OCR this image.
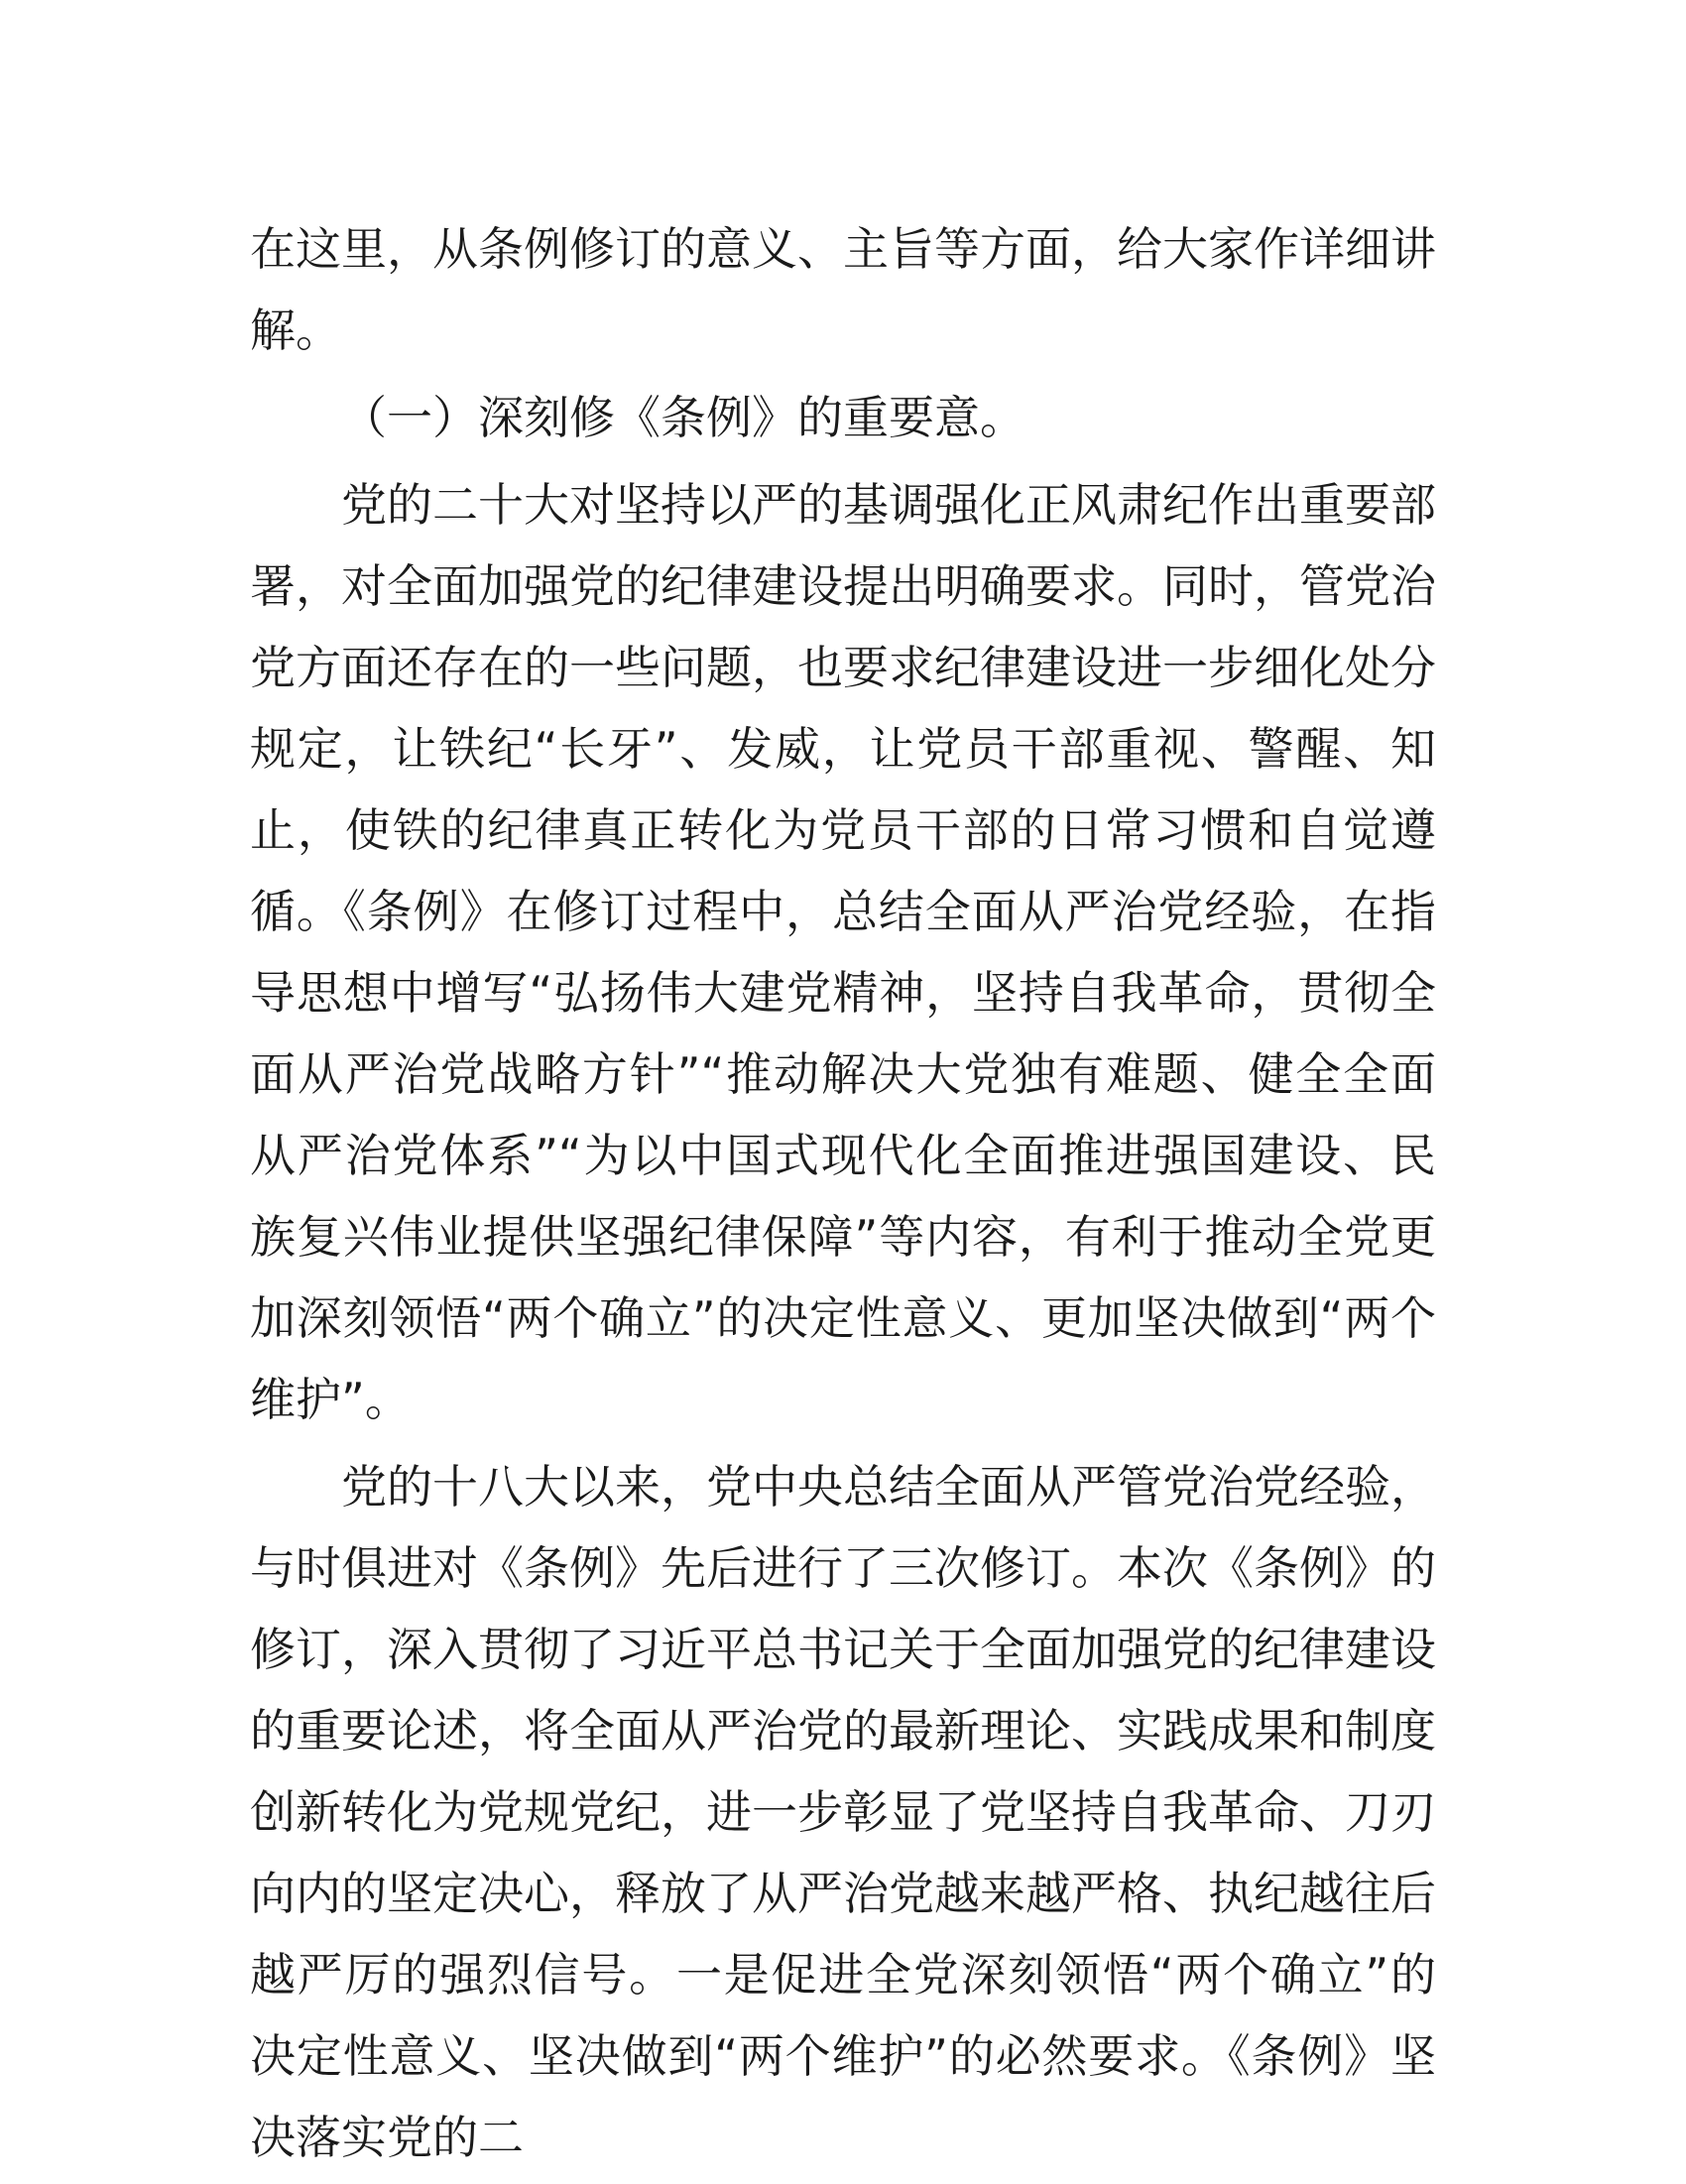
在这里，从条例修订的意义、主旨等方面，给大家作详细讲解。

（一）深刻修《条例》的重要意。

党的二十大对坚持以严的基调强化正风肃纪作出重要部署，对全面加强党的纪律建设提出明确要求。同时，管党治党方面还存在的一些问题，也要求纪律建设进一步细化处分规定，让铁纪“长牙”、发威，让党员干部重视、警醒、知止，使铁的纪律真正转化为党员干部的日常习惯和自觉遵循。《条例》在修订过程中，总结全面从严治党经验，在指导思想中增写“弘扬伟大建党精神，坚持自我革命，贯彻全面从严治党战略方针”“推动解决大党独有难题、健全全面从严治党体系”“为以中国式现代化全面推进强国建设、民族复兴伟业提供坚强纪律保障”等内容，有利于推动全党更加深刻领悟“两个确立”的决定性意义、更加坚决做到“两个维护”。

党的十八大以来，党中央总结全面从严管党治党经验，与时俱进对《条例》先后进行了三次修订。本次《条例》的修订，深入贯彻了习近平总书记关于全面加强党的纪律建设的重要论述，将全面从严治党的最新理论、实践成果和制度创新转化为党规党纪，进一步彰显了党坚持自我革命、刀刃向内的坚定决心，释放了从严治党越来越严格、执纪越往后越严厉的强烈信号。一是促进全党深刻领悟“两个确立”的决定性意义、坚决做到“两个维护”的必然要求。《条例》坚决落实党的二
